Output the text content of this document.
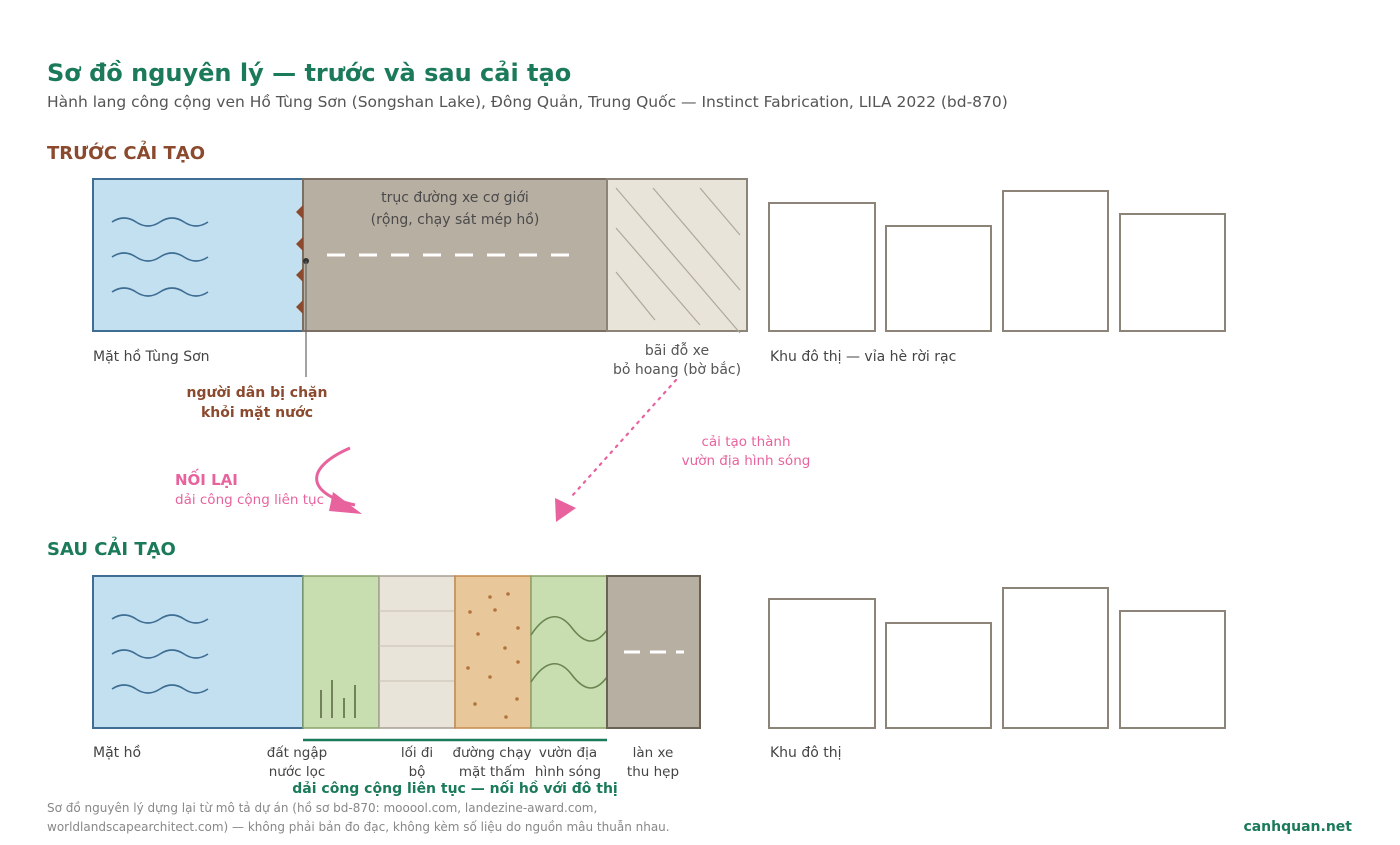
Sơ đồ nguyên lý — trước và sau cải tạo
Hành lang công cộng ven Hồ Tùng Sơn (Songshan Lake), Đông Quản, Trung Quốc — Instinct Fabrication, LILA 2022 (bd-870)
TRƯỚC CẢI TẠO
trục đường xe cơ giới
(rộng, chạy sát mép hồ)
Mặt hồ Tùng Sơn
người dân bị chặn
khỏi mặt nước
bãi đỗ xe
bỏ hoang (bờ bắc)
Khu đô thị — vỉa hè rời rạc
NỐI LẠI
dải công cộng liên tục
cải tạo thành
vườn địa hình sóng
SAU CẢI TẠO
Mặt hồ	đất ngập
nước lọc
lối đi
bộ
đường chạy
mặt thấm
vườn địa
hình sóng
làn xe
thu hẹp
Khu đô thị
dải công cộng liên tục — nối hồ với đô thị
Sơ đồ nguyên lý dựng lại từ mô tả dự án (hồ sơ bd-870: mooool.com, landezine-award.com,
worldlandscapearchitect.com) — không phải bản đo đạc, không kèm số liệu do nguồn mâu thuẫn nhau.	canhquan.net
